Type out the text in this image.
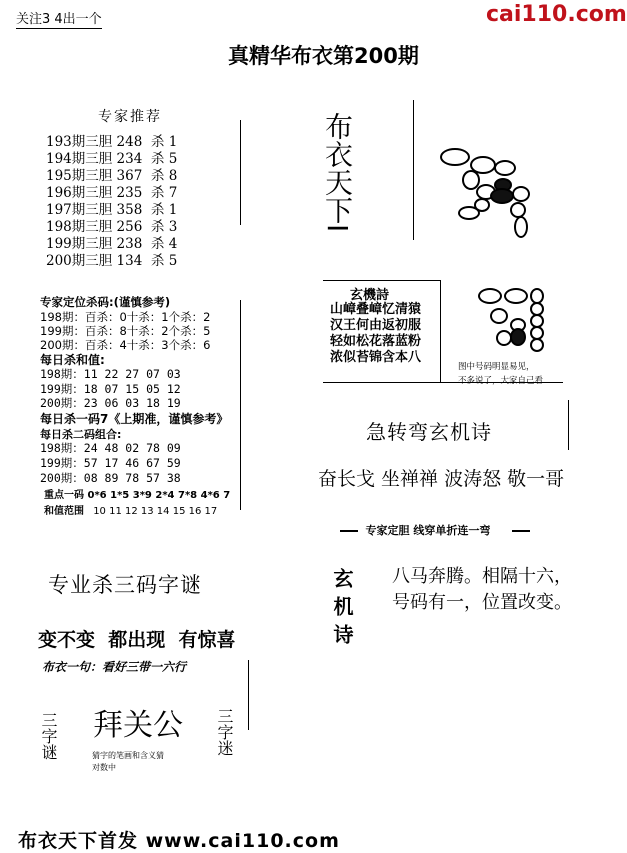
关注3 4出一个	cai110.com
真精华布衣第200期
专家推荐
193期三胆 248  杀 1
194期三胆 234  杀 5
195期三胆 367  杀 8
196期三胆 235  杀 7
197期三胆 358  杀 1
198期三胆 256  杀 3
199期三胆 238  杀 4
200期三胆 134  杀 5
专家定位杀码:(谨慎参考)
198期：百杀：0十杀：1个杀：2
199期：百杀：8十杀：2个杀：5
200期：百杀：4十杀：3个杀：6
每日杀和值:
198期：11 22 27 07 03
199期：18 07 15 05 12
200期：23 06 03 18 19
每日杀一码7《上期准，谨慎参考》
每日杀二码组合:
198期：24 48 02 78 09
199期：57 17 46 67 59
200期：08 89 78 57 38
重点一码 0*6 1*5 3*9 2*4 7*8 4*6 7
和值范围 10 11 12 13 14 15 16 17
专业杀三码字谜
变不变  都出现  有惊喜
布衣一句：看好三带一六行
拜关公
三字谜	三字迷
猜字的笔画和含义猜
对数中
布衣天下I
玄機詩
山嶂叠嶂忆清猿
汉王何由返初服
轻如松花落蓝粉
浓似苔锦含本八
图中号码明显易见，
不多说了，大家自己看
急转弯玄机诗
奋长戈 坐禅禅 波涛怒 敬一哥
专家定胆 线穿单折连一弯
玄机诗 八马奔腾。相隔十六，
号码有一，位置改变。
布衣天下首发 www.cai110.com
